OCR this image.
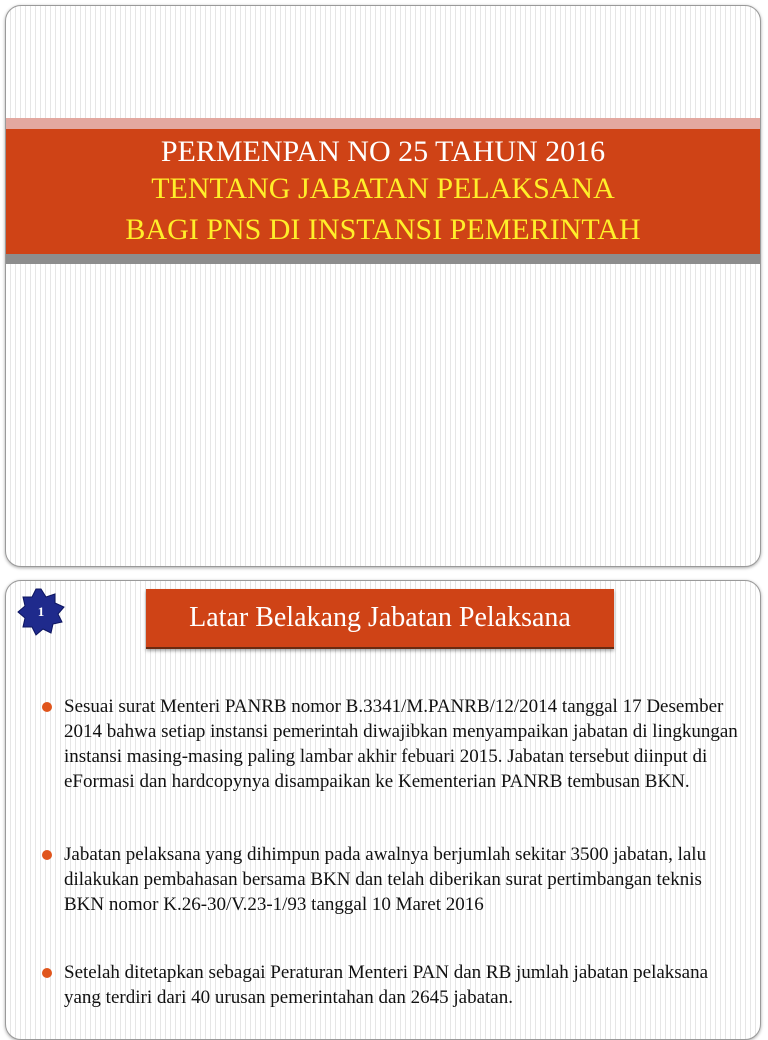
PERMENPAN NO 25 TAHUN 2016
TENTANG JABATAN PELAKSANA
BAGI PNS DI INSTANSI PEMERINTAH
1	Latar Belakang Jabatan Pelaksana
Sesuai surat Menteri PANRB nomor B.3341/M.PANRB/12/2014 tanggal 17 Desember 2014 bahwa setiap instansi pemerintah diwajibkan menyampaikan jabatan di lingkungan instansi masing-masing paling lambar akhir febuari 2015. Jabatan tersebut diinput di eFormasi dan hardcopynya disampaikan ke Kementerian PANRB tembusan BKN.
Jabatan pelaksana yang dihimpun pada awalnya berjumlah sekitar 3500 jabatan, lalu dilakukan pembahasan bersama BKN dan telah diberikan surat pertimbangan teknis BKN nomor K.26-30/V.23-1/93 tanggal 10 Maret 2016
Setelah ditetapkan sebagai Peraturan Menteri PAN dan RB jumlah jabatan pelaksana yang terdiri dari 40 urusan pemerintahan dan 2645 jabatan.
